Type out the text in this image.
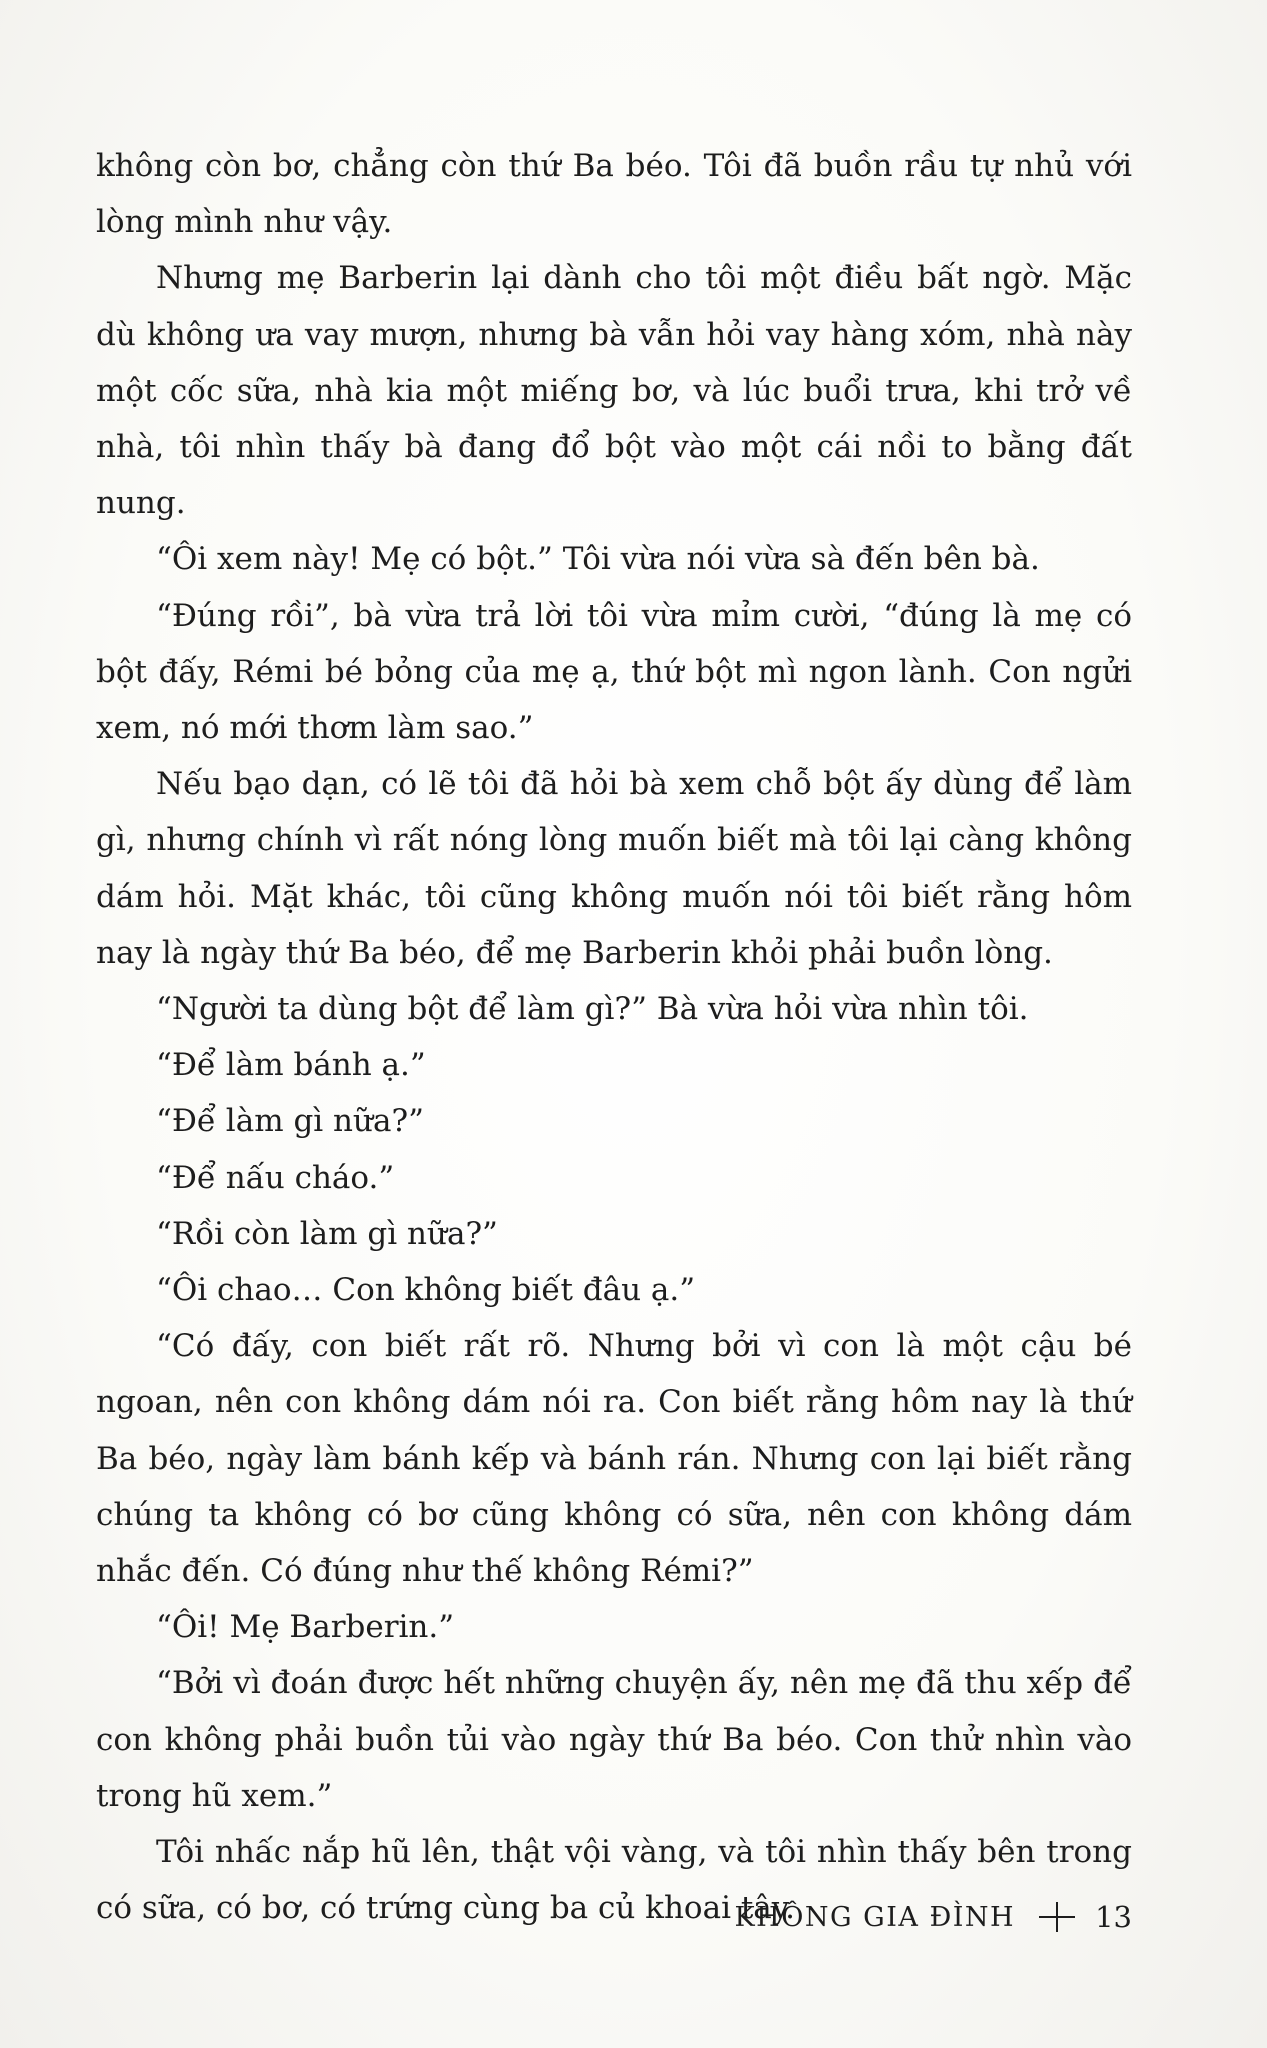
không còn bơ, chẳng còn thứ Ba béo. Tôi đã buồn rầu tự nhủ với lòng mình như vậy.

Nhưng mẹ Barberin lại dành cho tôi một điều bất ngờ. Mặc dù không ưa vay mượn, nhưng bà vẫn hỏi vay hàng xóm, nhà này một cốc sữa, nhà kia một miếng bơ, và lúc buổi trưa, khi trở về nhà, tôi nhìn thấy bà đang đổ bột vào một cái nồi to bằng đất nung.

“Ôi xem này! Mẹ có bột.” Tôi vừa nói vừa sà đến bên bà.

“Đúng rồi”, bà vừa trả lời tôi vừa mỉm cười, “đúng là mẹ có bột đấy, Rémi bé bỏng của mẹ ạ, thứ bột mì ngon lành. Con ngửi xem, nó mới thơm làm sao.”

Nếu bạo dạn, có lẽ tôi đã hỏi bà xem chỗ bột ấy dùng để làm gì, nhưng chính vì rất nóng lòng muốn biết mà tôi lại càng không dám hỏi. Mặt khác, tôi cũng không muốn nói tôi biết rằng hôm nay là ngày thứ Ba béo, để mẹ Barberin khỏi phải buồn lòng.

“Người ta dùng bột để làm gì?” Bà vừa hỏi vừa nhìn tôi.

“Để làm bánh ạ.”

“Để làm gì nữa?”

“Để nấu cháo.”

“Rồi còn làm gì nữa?”

“Ôi chao… Con không biết đâu ạ.”

“Có đấy, con biết rất rõ. Nhưng bởi vì con là một cậu bé ngoan, nên con không dám nói ra. Con biết rằng hôm nay là thứ Ba béo, ngày làm bánh kếp và bánh rán. Nhưng con lại biết rằng chúng ta không có bơ cũng không có sữa, nên con không dám nhắc đến. Có đúng như thế không Rémi?”

“Ôi! Mẹ Barberin.”

“Bởi vì đoán được hết những chuyện ấy, nên mẹ đã thu xếp để con không phải buồn tủi vào ngày thứ Ba béo. Con thử nhìn vào trong hũ xem.”

Tôi nhấc nắp hũ lên, thật vội vàng, và tôi nhìn thấy bên trong có sữa, có bơ, có trứng cùng ba củ khoai tây.

KHÔNG GIA ĐÌNH	13
